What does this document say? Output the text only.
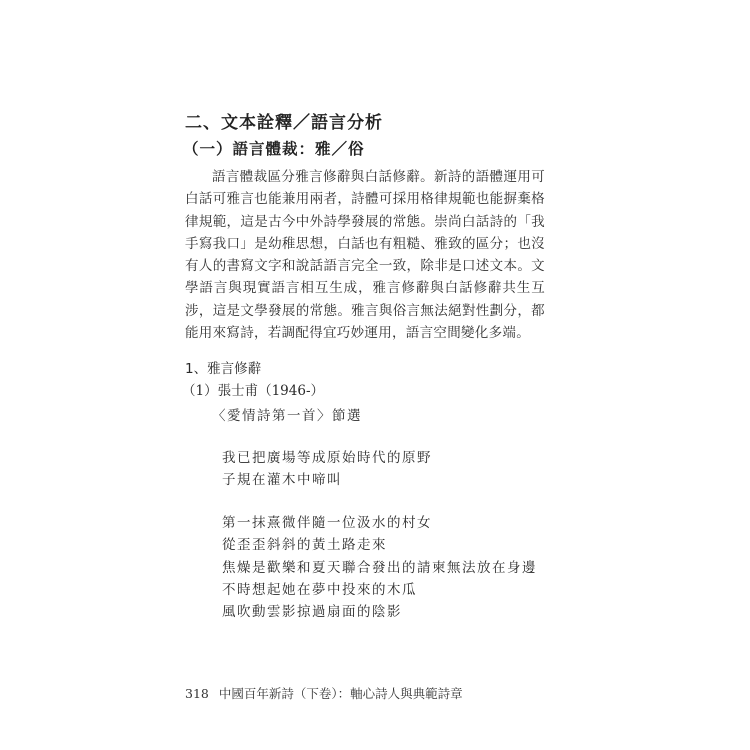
二、文本詮釋／語言分析
（一）語言體裁：雅／俗

語言體裁區分雅言修辭與白話修辭。新詩的語體運用可白話可雅言也能兼用兩者，詩體可採用格律規範也能摒棄格律規範，這是古今中外詩學發展的常態。崇尚白話詩的「我手寫我口」是幼稚思想，白話也有粗糙、雅致的區分；也沒有人的書寫文字和說話語言完全一致，除非是口述文本。文學語言與現實語言相互生成，雅言修辭與白話修辭共生互涉，這是文學發展的常態。雅言與俗言無法絕對性劃分，都能用來寫詩，若調配得宜巧妙運用，語言空間變化多端。

1、雅言修辭

（1）張士甫（1946-）

〈愛情詩第一首〉節選

我已把廣場等成原始時代的原野
子規在灌木中啼叫
第一抹熹微伴隨一位汲水的村女
從歪歪斜斜的黃土路走來
焦燥是歡樂和夏天聯合發出的請柬無法放在身邊
不時想起她在夢中投來的木瓜
風吹動雲影掠過扇面的陰影

318 中國百年新詩（下卷）：軸心詩人與典範詩章
